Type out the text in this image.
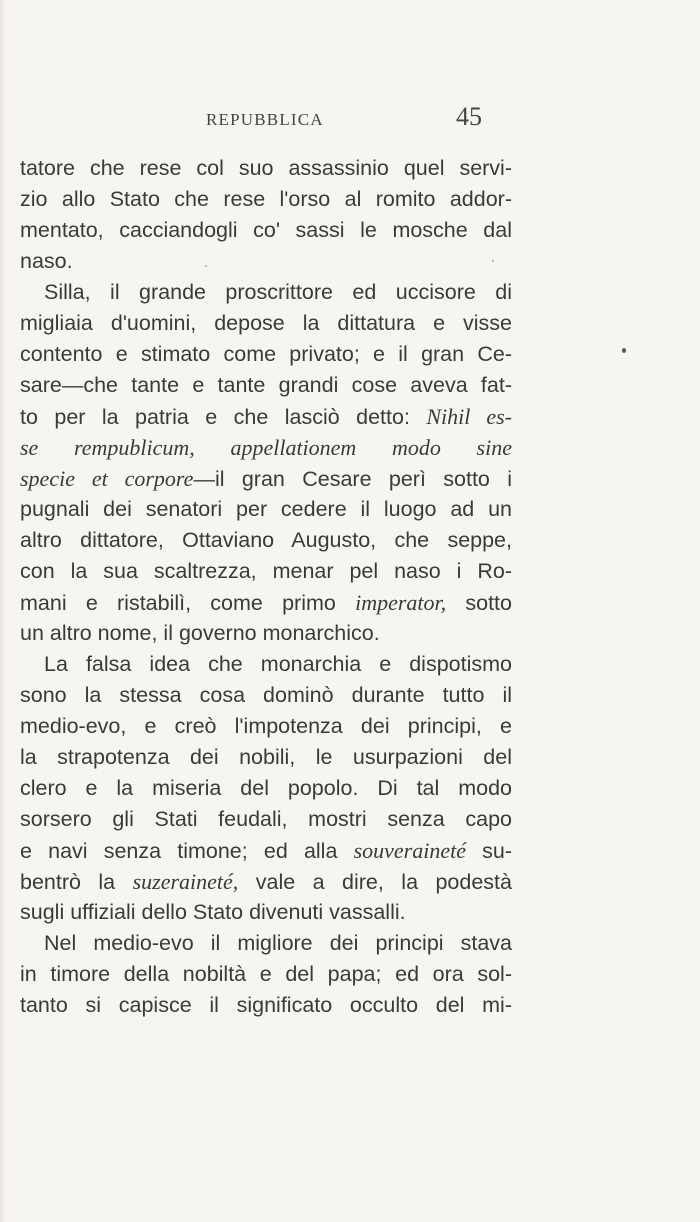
REPUBBLICA	45
tatore che rese col suo assassinio quel servi-
zio allo Stato che rese l'orso al romito addor-
mentato, cacciandogli co' sassi le mosche dal
naso.
Silla, il grande proscrittore ed uccisore di
migliaia d'uomini, depose la dittatura e visse
contento e stimato come privato; e il gran Ce-
sare—che tante e tante grandi cose aveva fat-
to per la patria e che lasciò detto: Nihil es-
se rempublicum, appellationem modo sine
specie et corpore—il gran Cesare perì sotto i
pugnali dei senatori per cedere il luogo ad un
altro dittatore, Ottaviano Augusto, che seppe,
con la sua scaltrezza, menar pel naso i Ro-
mani e ristabilì, come primo imperator, sotto
un altro nome, il governo monarchico.
La falsa idea che monarchia e dispotismo
sono la stessa cosa dominò durante tutto il
medio-evo, e creò l'impotenza dei principi, e
la strapotenza dei nobili, le usurpazioni del
clero e la miseria del popolo. Di tal modo
sorsero gli Stati feudali, mostri senza capo
e navi senza timone; ed alla souveraineté su-
bentrò la suzeraineté, vale a dire, la podestà
sugli uffiziali dello Stato divenuti vassalli.
Nel medio-evo il migliore dei principi stava
in timore della nobiltà e del papa; ed ora sol-
tanto si capisce il significato occulto del mi-
